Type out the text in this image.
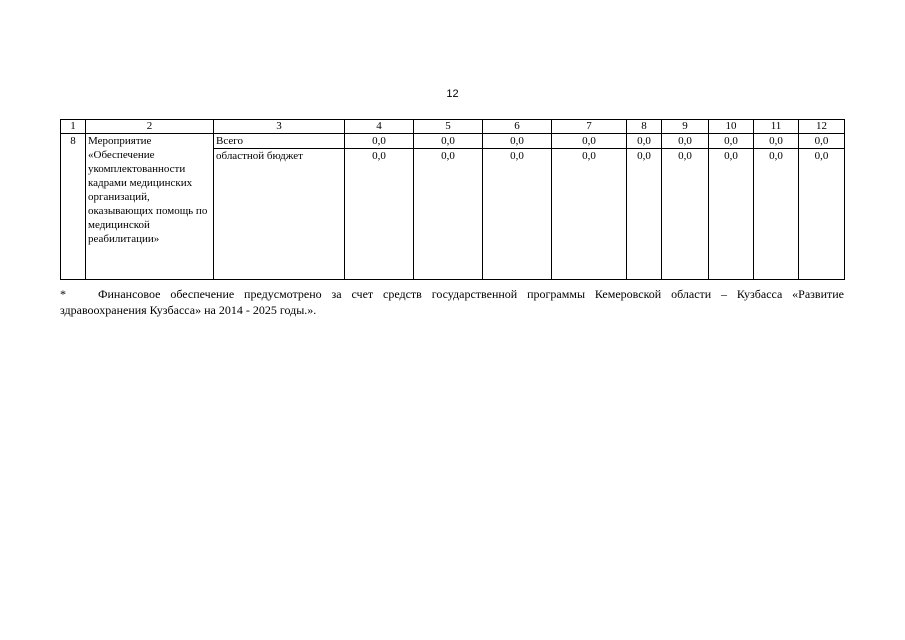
12
1	2	3	4	5	6	7	8	9	10	11	12
8	Мероприятие «Обеспечение укомплектованности кадрами медицинских организаций, оказывающих помощь по медицинской реабилитации»	Всего	0,0	0,0	0,0	0,0	0,0	0,0	0,0	0,0	0,0
		областной бюджет	0,0	0,0	0,0	0,0	0,0	0,0	0,0	0,0	0,0
*	Финансовое обеспечение предусмотрено за счет средств государственной программы Кемеровской области – Кузбасса «Развитие здравоохранения Кузбасса» на 2014 - 2025 годы.».
